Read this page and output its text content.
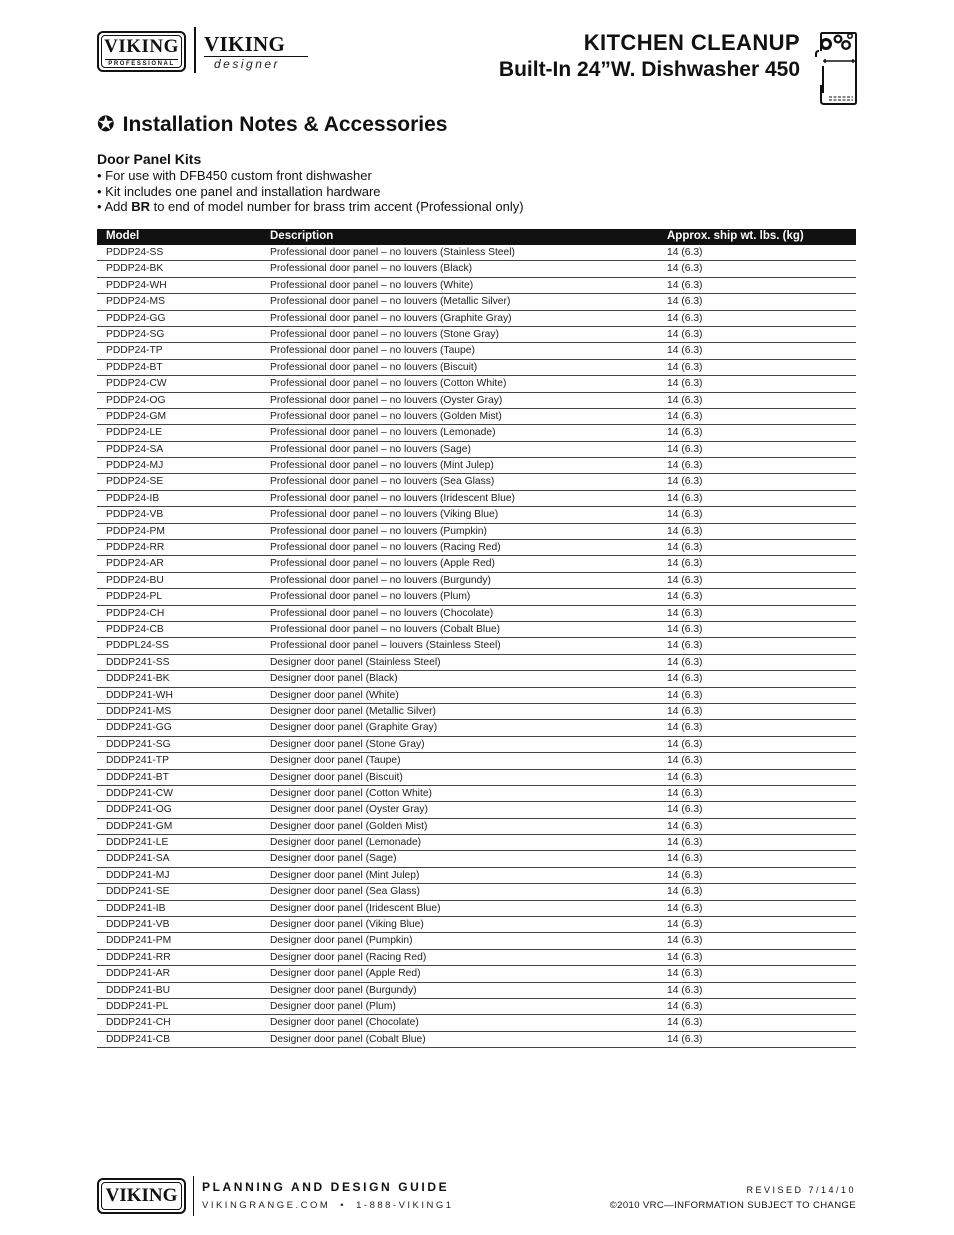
VIKING
PROFESSIONAL
VIKING
designer
KITCHEN CLEANUP
Built-In 24”W. Dishwasher 450
✪ Installation Notes & Accessories
Door Panel Kits
• For use with DFB450 custom front dishwasher
• Kit includes one panel and installation hardware
• Add BR to end of model number for brass trim accent (Professional only)
Model	Description	Approx. ship wt. lbs. (kg)
PDDP24-SS	Professional door panel – no louvers (Stainless Steel)	14 (6.3)
PDDP24-BK	Professional door panel – no louvers (Black)	14 (6.3)
PDDP24-WH	Professional door panel – no louvers (White)	14 (6.3)
PDDP24-MS	Professional door panel – no louvers (Metallic Silver)	14 (6.3)
PDDP24-GG	Professional door panel – no louvers (Graphite Gray)	14 (6.3)
PDDP24-SG	Professional door panel – no louvers (Stone Gray)	14 (6.3)
PDDP24-TP	Professional door panel – no louvers (Taupe)	14 (6.3)
PDDP24-BT	Professional door panel – no louvers (Biscuit)	14 (6.3)
PDDP24-CW	Professional door panel – no louvers (Cotton White)	14 (6.3)
PDDP24-OG	Professional door panel – no louvers (Oyster Gray)	14 (6.3)
PDDP24-GM	Professional door panel – no louvers (Golden Mist)	14 (6.3)
PDDP24-LE	Professional door panel – no louvers (Lemonade)	14 (6.3)
PDDP24-SA	Professional door panel – no louvers (Sage)	14 (6.3)
PDDP24-MJ	Professional door panel – no louvers (Mint Julep)	14 (6.3)
PDDP24-SE	Professional door panel – no louvers (Sea Glass)	14 (6.3)
PDDP24-IB	Professional door panel – no louvers (Iridescent Blue)	14 (6.3)
PDDP24-VB	Professional door panel – no louvers (Viking Blue)	14 (6.3)
PDDP24-PM	Professional door panel – no louvers (Pumpkin)	14 (6.3)
PDDP24-RR	Professional door panel – no louvers (Racing Red)	14 (6.3)
PDDP24-AR	Professional door panel – no louvers (Apple Red)	14 (6.3)
PDDP24-BU	Professional door panel – no louvers (Burgundy)	14 (6.3)
PDDP24-PL	Professional door panel – no louvers (Plum)	14 (6.3)
PDDP24-CH	Professional door panel – no louvers (Chocolate)	14 (6.3)
PDDP24-CB	Professional door panel – no louvers (Cobalt Blue)	14 (6.3)
PDDPL24-SS	Professional door panel – louvers (Stainless Steel)	14 (6.3)
DDDP241-SS	Designer door panel (Stainless Steel)	14 (6.3)
DDDP241-BK	Designer door panel (Black)	14 (6.3)
DDDP241-WH	Designer door panel (White)	14 (6.3)
DDDP241-MS	Designer door panel (Metallic Silver)	14 (6.3)
DDDP241-GG	Designer door panel (Graphite Gray)	14 (6.3)
DDDP241-SG	Designer door panel (Stone Gray)	14 (6.3)
DDDP241-TP	Designer door panel (Taupe)	14 (6.3)
DDDP241-BT	Designer door panel (Biscuit)	14 (6.3)
DDDP241-CW	Designer door panel (Cotton White)	14 (6.3)
DDDP241-OG	Designer door panel (Oyster Gray)	14 (6.3)
DDDP241-GM	Designer door panel (Golden Mist)	14 (6.3)
DDDP241-LE	Designer door panel (Lemonade)	14 (6.3)
DDDP241-SA	Designer door panel (Sage)	14 (6.3)
DDDP241-MJ	Designer door panel (Mint Julep)	14 (6.3)
DDDP241-SE	Designer door panel (Sea Glass)	14 (6.3)
DDDP241-IB	Designer door panel (Iridescent Blue)	14 (6.3)
DDDP241-VB	Designer door panel (Viking Blue)	14 (6.3)
DDDP241-PM	Designer door panel (Pumpkin)	14 (6.3)
DDDP241-RR	Designer door panel (Racing Red)	14 (6.3)
DDDP241-AR	Designer door panel (Apple Red)	14 (6.3)
DDDP241-BU	Designer door panel (Burgundy)	14 (6.3)
DDDP241-PL	Designer door panel (Plum)	14 (6.3)
DDDP241-CH	Designer door panel (Chocolate)	14 (6.3)
DDDP241-CB	Designer door panel (Cobalt Blue)	14 (6.3)
VIKING	PLANNING AND DESIGN GUIDE
VIKINGRANGE.COM • 1-888-VIKING1
REVISED 7/14/10
©2010 VRC—INFORMATION SUBJECT TO CHANGE
